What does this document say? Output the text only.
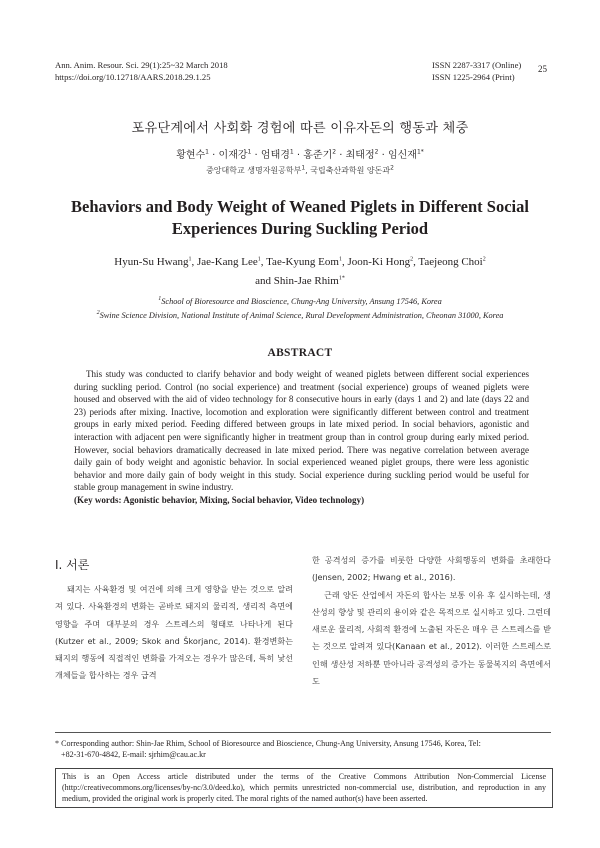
Ann. Anim. Resour. Sci. 29(1):25~32 March 2018
https://doi.org/10.12718/AARS.2018.29.1.25
ISSN 2287-3317 (Online)
ISSN 1225-2964 (Print)
25
포유단계에서 사회화 경험에 따른 이유자돈의 행동과 체중
황현수$^1$ · 이재강$^1$ · 엄태경$^1$ · 홍준기$^2$ · 최태정$^2$ · 임신재$^{1*}$
중앙대학교 생명자원공학부$^1$, 국립축산과학원 양돈과$^2$
Behaviors and Body Weight of Weaned Piglets in Different Social
Experiences During Suckling Period
Hyun-Su Hwang$^1$, Jae-Kang Lee$^1$, Tae-Kyung Eom$^1$, Joon-Ki Hong$^2$, Taejeong Choi$^2$
and Shin-Jae Rhim$^{1*}$
$^1$School of Bioresource and Bioscience, Chung-Ang University, Ansung 17546, Korea
$^2$Swine Science Division, National Institute of Animal Science, Rural Development Administration, Cheonan 31000, Korea
ABSTRACT
This study was conducted to clarify behavior and body weight of weaned piglets between different social experiences during suckling period. Control (no social experience) and treatment (social experience) groups of weaned piglets were housed and observed with the aid of video technology for 8 consecutive hours in early (days 1 and 2) and late (days 22 and 23) periods after mixing. Inactive, locomotion and exploration were significantly different between control and treatment groups in early mixed period. Feeding differed between groups in late mixed period. In social behaviors, agonistic and interaction with adjacent pen were significantly higher in treatment group than in control group during early mixed period. However, social behaviors dramatically decreased in late mixed period. There was negative correlation between average daily gain of body weight and agonistic behavior. In social experienced weaned piglet groups, there were less agonistic behavior and more daily gain of body weight in this study. Social experience during suckling period would be useful for stable group management in swine industry.
(Key words: Agonistic behavior, Mixing, Social behavior, Video technology)
Ⅰ. 서론

돼지는 사육환경 및 여건에 의해 크게 영향을 받는 것으로 알려져 있다. 사육환경의 변화는 곧바로 돼지의 물리적, 생리적 측면에 영향을 주며 대부분의 경우 스트레스의 형태로 나타나게 된다(Kutzer et al., 2009; Skok and Škorjanc, 2014). 환경변화는 돼지의 행동에 직접적인 변화를 가져오는 경우가 많은데, 특히 낯선 개체들을 합사하는 경우 급격

한 공격성의 증가를 비롯한 다양한 사회행동의 변화를 초래한다(Jensen, 2002; Hwang et al., 2016).

근래 양돈 산업에서 자돈의 합사는 보통 이유 후 실시하는데, 생산성의 향상 및 관리의 용이와 같은 목적으로 실시하고 있다. 그런데 새로운 물리적, 사회적 환경에 노출된 자돈은 매우 큰 스트레스를 받는 것으로 알려져 있다(Kanaan et al., 2012). 이러한 스트레스로 인해 생산성 저하뿐 만아니라 공격성의 증가는 동물복지의 측면에서도

* Corresponding author: Shin-Jae Rhim, School of Bioresource and Bioscience, Chung-Ang University, Ansung 17546, Korea, Tel:
+82-31-670-4842, E-mail: sjrhim@cau.ac.kr
This is an Open Access article distributed under the terms of the Creative Commons Attribution Non-Commercial License (http://creativecommons.org/licenses/by-nc/3.0/deed.ko), which permits unrestricted non-commercial use, distribution, and reproduction in any medium, provided the original work is properly cited. The moral rights of the named author(s) have been asserted.
